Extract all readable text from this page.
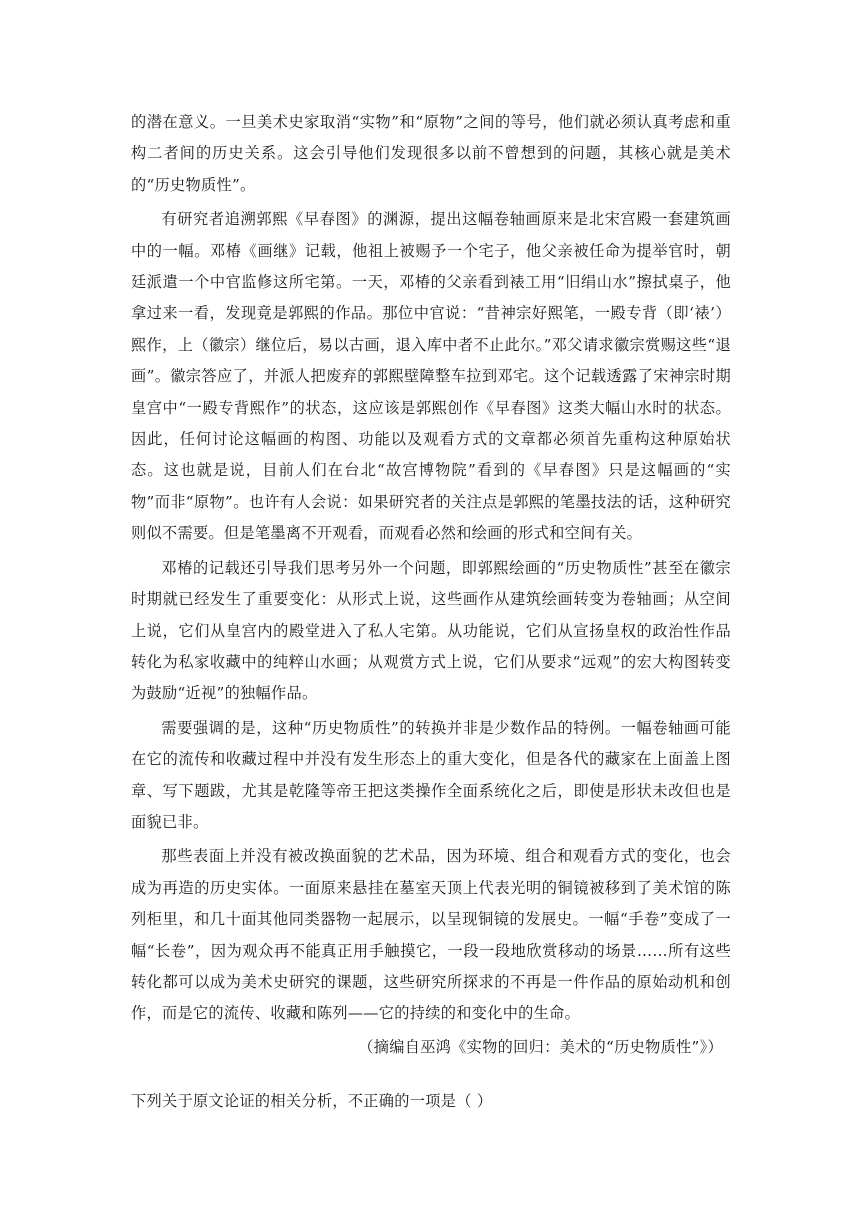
的潜在意义。一旦美术史家取消“实物”和“原物”之间的等号，他们就必须认真考虑和重构二者间的历史关系。这会引导他们发现很多以前不曾想到的问题，其核心就是美术的“历史物质性”。

有研究者追溯郭熙《早春图》的渊源，提出这幅卷轴画原来是北宋宫殿一套建筑画中的一幅。邓椿《画继》记载，他祖上被赐予一个宅子，他父亲被任命为提举官时，朝廷派遣一个中官监修这所宅第。一天，邓椿的父亲看到裱工用“旧绢山水”擦拭桌子，他拿过来一看，发现竟是郭熙的作品。那位中官说：“昔神宗好熙笔，一殿专背（即‘裱’）熙作，上（徽宗）继位后，易以古画，退入库中者不止此尔。”邓父请求徽宗赏赐这些“退画”。徽宗答应了，并派人把废弃的郭熙壁障整车拉到邓宅。这个记载透露了宋神宗时期皇宫中“一殿专背熙作”的状态，这应该是郭熙创作《早春图》这类大幅山水时的状态。因此，任何讨论这幅画的构图、功能以及观看方式的文章都必须首先重构这种原始状态。这也就是说，目前人们在台北“故宫博物院”看到的《早春图》只是这幅画的“实物”而非“原物”。也许有人会说：如果研究者的关注点是郭熙的笔墨技法的话，这种研究则似不需要。但是笔墨离不开观看，而观看必然和绘画的形式和空间有关。

邓椿的记载还引导我们思考另外一个问题，即郭熙绘画的“历史物质性”甚至在徽宗时期就已经发生了重要变化：从形式上说，这些画作从建筑绘画转变为卷轴画；从空间上说，它们从皇宫内的殿堂进入了私人宅第。从功能说，它们从宣扬皇权的政治性作品转化为私家收藏中的纯粹山水画；从观赏方式上说，它们从要求“远观”的宏大构图转变为鼓励“近视”的独幅作品。

需要强调的是，这种“历史物质性”的转换并非是少数作品的特例。一幅卷轴画可能在它的流传和收藏过程中并没有发生形态上的重大变化，但是各代的藏家在上面盖上图章、写下题跋，尤其是乾隆等帝王把这类操作全面系统化之后，即使是形状未改但也是面貌已非。

那些表面上并没有被改换面貌的艺术品，因为环境、组合和观看方式的变化，也会成为再造的历史实体。一面原来悬挂在墓室天顶上代表光明的铜镜被移到了美术馆的陈列柜里，和几十面其他同类器物一起展示，以呈现铜镜的发展史。一幅“手卷”变成了一幅“长卷”，因为观众再不能真正用手触摸它，一段一段地欣赏移动的场景……所有这些转化都可以成为美术史研究的课题，这些研究所探求的不再是一件作品的原始动机和创作，而是它的流传、收藏和陈列——它的持续的和变化中的生命。

（摘编自巫鸿《实物的回归：美术的“历史物质性”》）

下列关于原文论证的相关分析，不正确的一项是（ ）
